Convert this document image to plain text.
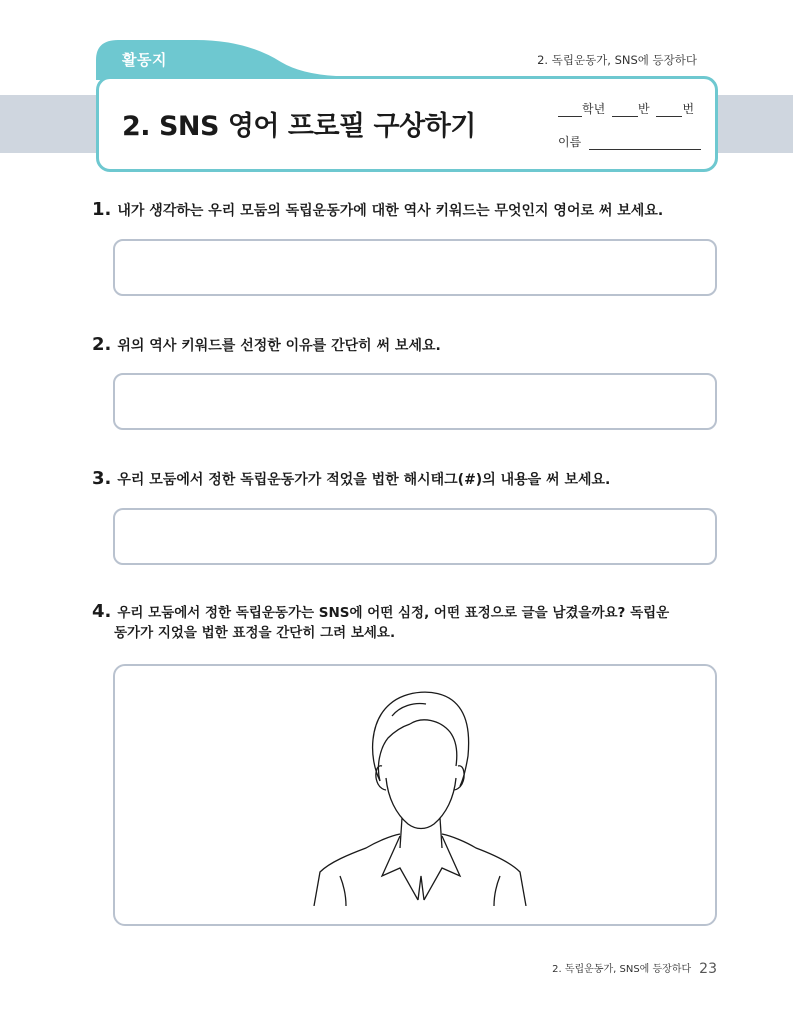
활동지	2. 독립운동가, SNS에 등장하다
2. SNS 영어 프로필 구상하기
학년	반	번
이름
1. 내가 생각하는 우리 모둠의 독립운동가에 대한 역사 키워드는 무엇인지 영어로 써 보세요.
2. 위의 역사 키워드를 선정한 이유를 간단히 써 보세요.
3. 우리 모둠에서 정한 독립운동가가 적었을 법한 해시태그(#)의 내용을 써 보세요.
4. 우리 모둠에서 정한 독립운동가는 SNS에 어떤 심정, 어떤 표정으로 글을 남겼을까요? 독립운
동가가 지었을 법한 표정을 간단히 그려 보세요.
2. 독립운동가, SNS에 등장하다 23
